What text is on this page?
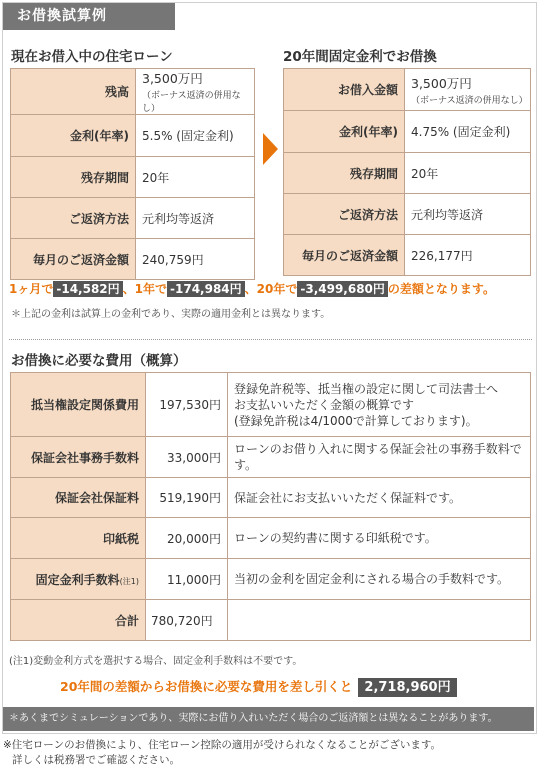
お借換試算例
現在お借入中の住宅ローン
残高	3,500万円
（ボーナス返済の併用なし）

金利(年率)	5.5% (固定金利)
残存期間	20年
ご返済方法	元利均等返済
毎月のご返済金額	240,759円
20年間固定金利でお借換
お借入金額	3,500万円
（ボーナス返済の併用なし）

金利(年率)	4.75% (固定金利)
残存期間	20年
ご返済方法	元利均等返済
毎月のご返済金額	226,177円
1ヶ月で -14,582円 、1年で -174,984円 、20年で -3,499,680円 の差額となります。
＊上記の金利は試算上の金利であり、実際の適用金利とは異なります。
お借換に必要な費用（概算）
抵当権設定関係費用	197,530円	登録免許税等、抵当権の設定に関して司法書士へ
お支払いいただく金額の概算です
(登録免許税は4/1000で計算しております)。

保証会社事務手数料	33,000円	ローンのお借り入れに関する保証会社の事務手数料です。
保証会社保証料	519,190円	保証会社にお支払いいただく保証料です。
印紙税	20,000円	ローンの契約書に関する印紙税です。
固定金利手数料(注1)	11,000円	当初の金利を固定金利にされる場合の手数料です。
合計	780,720円	
(注1)変動金利方式を選択する場合、固定金利手数料は不要です。
20年間の差額からお借換に必要な費用を差し引くと 2,718,960円
＊あくまでシミュレーションであり、実際にお借り入れいただく場合のご返済額とは異なることがあります。
※住宅ローンのお借換により、住宅ローン控除の適用が受けられなくなることがございます。
詳しくは税務署でご確認ください。
